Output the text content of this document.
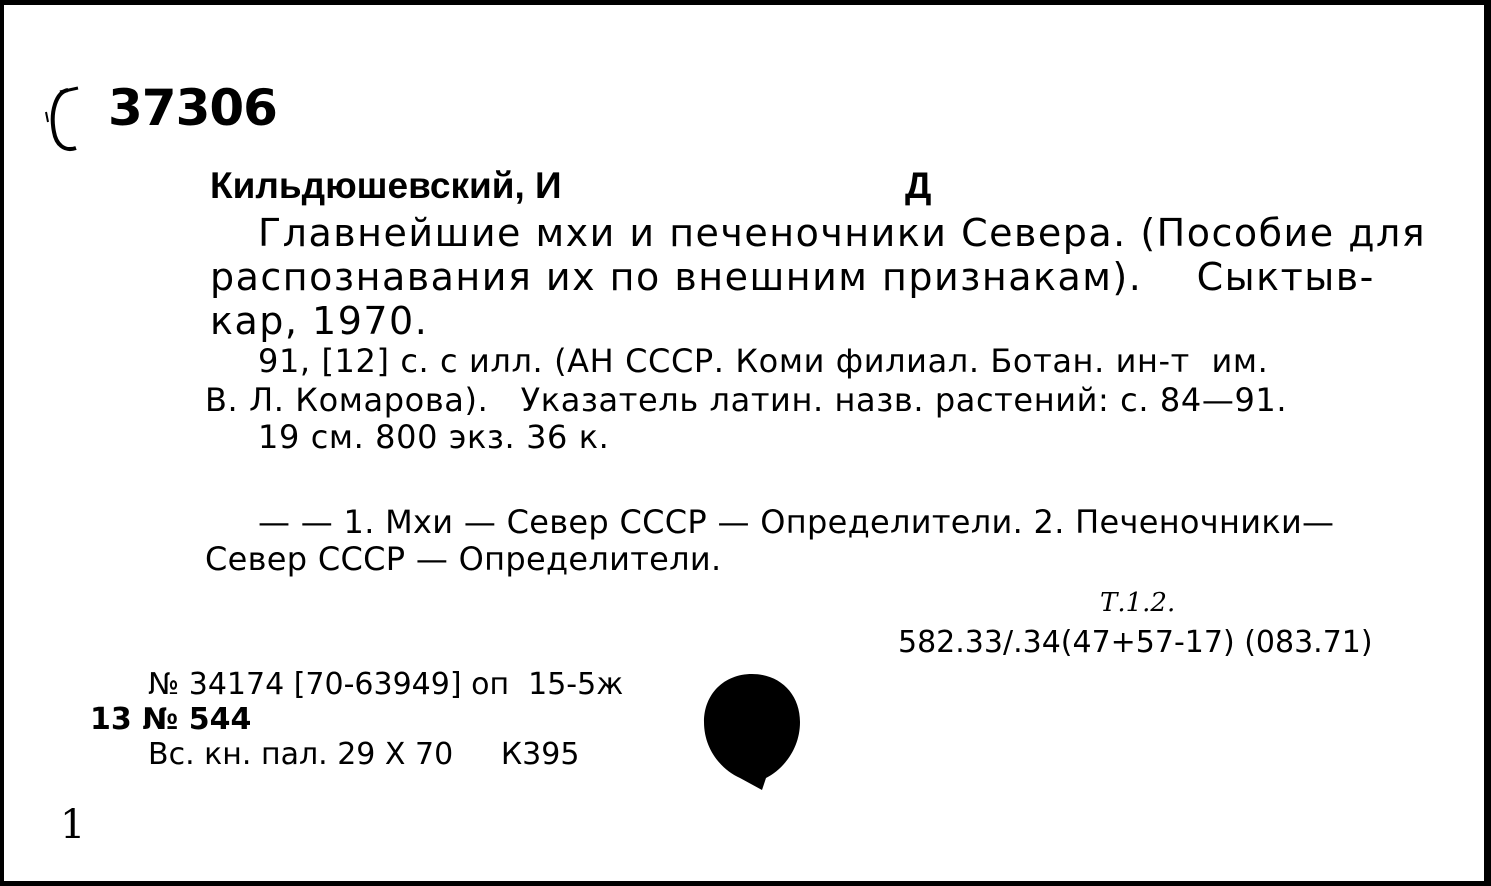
37306
Кильдюшевский, И	Д
Главнейшие мхи и печеночники Севера. (Пособие для
распознавания их по внешним признакам).    Сыктыв-
кар, 1970.
91, [12] с. с илл. (АН СССР. Коми филиал. Ботан. ин-т  им.
В. Л. Комарова).   Указатель латин. назв. растений: с. 84—91.
19 см. 800 экз. 36 к.
— — 1. Мхи — Север СССР — Определители. 2. Печеночники—
Север СССР — Определители.
Т.1.2.
582.33/.34(47+57-17) (083.71)
№ 34174 [70-63949] оп  15-5ж
13 № 544
Вс. кн. пал. 29 Х 70     К395
1
